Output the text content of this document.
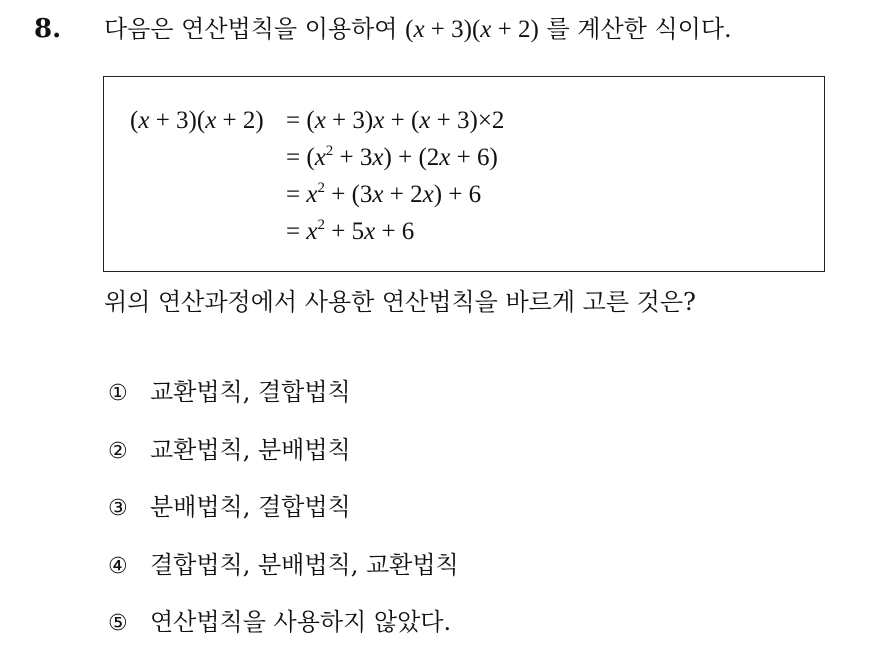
8. 다음은 연산법칙을 이용하여 (x + 3)(x + 2) 를 계산한 식이다.
(x + 3)(x + 2) = (x + 3)x + (x + 3)×2
= $(x^2 + 3x) + (2x + 6)$
= $x^2 + (3x + 2x) + 6$
= $x^2 + 5x + 6$
위의 연산과정에서 사용한 연산법칙을 바르게 고른 것은?
① 교환법칙, 결합법칙
② 교환법칙, 분배법칙
③ 분배법칙, 결합법칙
④ 결합법칙, 분배법칙, 교환법칙
⑤ 연산법칙을 사용하지 않았다.
